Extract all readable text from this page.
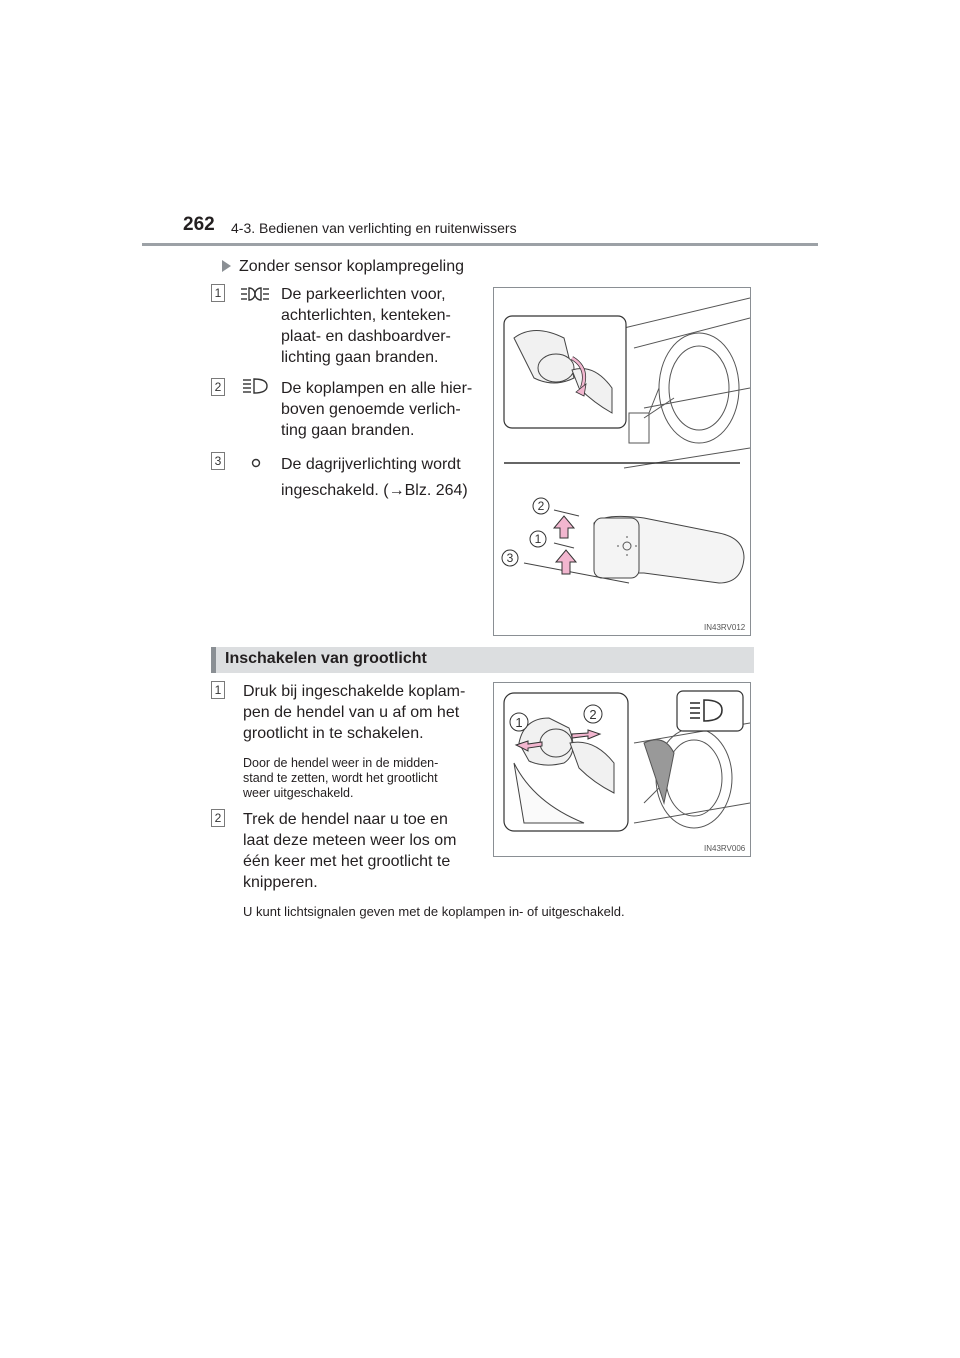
262 4-3. Bedienen van verlichting en ruitenwissers
Zonder sensor koplampregeling
1	De parkeerlichten voor,
achterlichten, kenteken-
plaat- en dashboardver-
lichting gaan branden.
2	De koplampen en alle hier-
boven genoemde verlich-
ting gaan branden.
3	De dagrijverlichting wordt
ingeschakeld. (→Blz. 264)
2
1
3
IN43RV012
Inschakelen van grootlicht
1 Druk bij ingeschakelde koplam-
pen de hendel van u af om het
grootlicht in te schakelen.
Door de hendel weer in de midden-
stand te zetten, wordt het grootlicht
weer uitgeschakeld.
2 Trek de hendel naar u toe en
laat deze meteen weer los om
één keer met het grootlicht te
knipperen.
1
2
IN43RV006
U kunt lichtsignalen geven met de koplampen in- of uitgeschakeld.
